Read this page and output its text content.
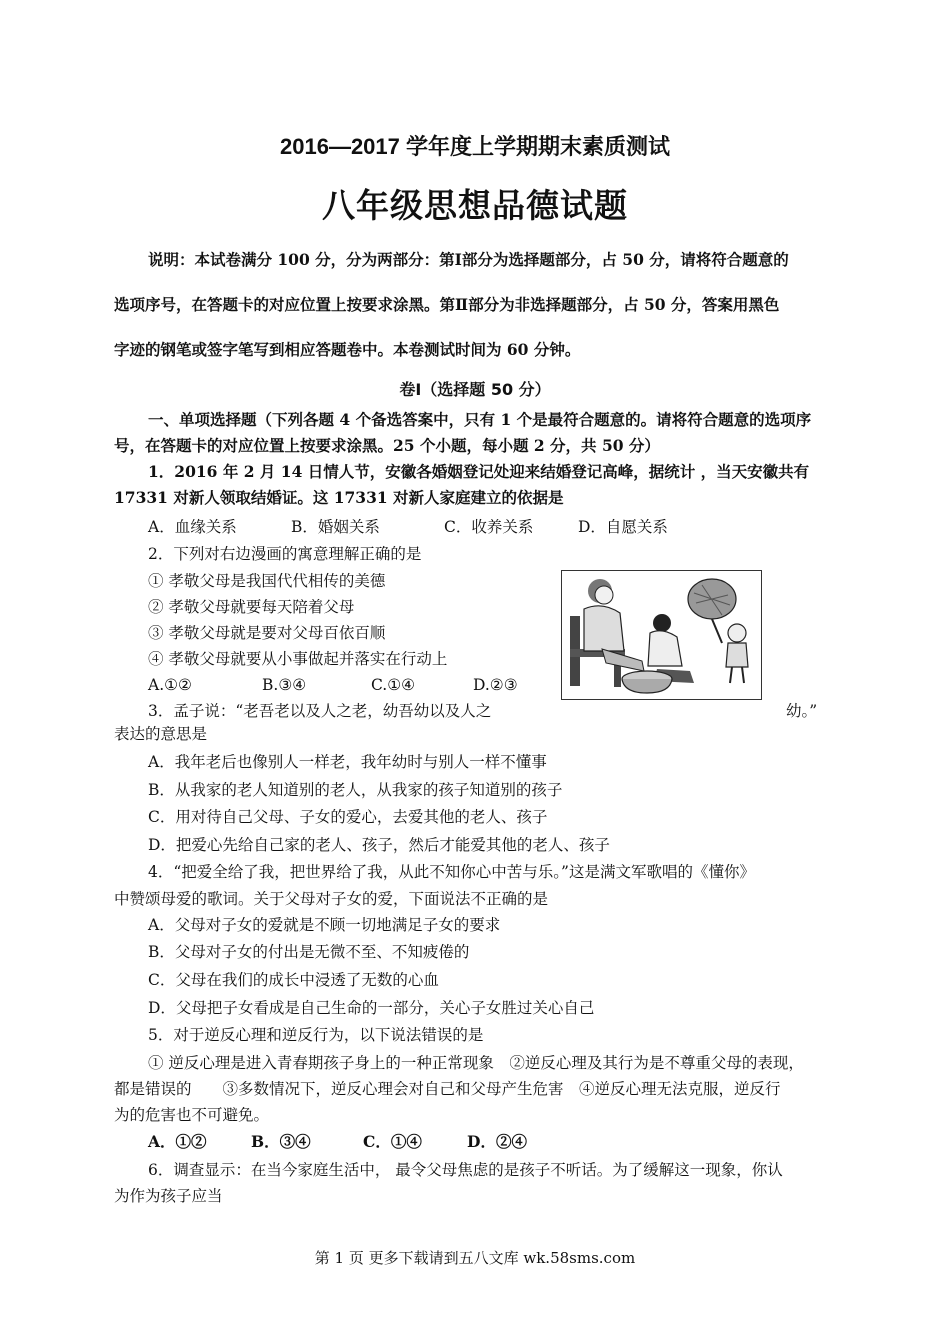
2016—2017 学年度上学期期末素质测试
八年级思想品德试题
说明：本试卷满分 100 分，分为两部分：第Ⅰ部分为选择题部分，占 50 分，请将符合题意的
选项序号，在答题卡的对应位置上按要求涂黑。第Ⅱ部分为非选择题部分，占 50 分，答案用黑色
字迹的钢笔或签字笔写到相应答题卷中。本卷测试时间为 60 分钟。
卷Ⅰ（选择题 50 分）
一、单项选择题（下列各题 4 个备选答案中，只有 1 个是最符合题意的。请将符合题意的选项序
号，在答题卡的对应位置上按要求涂黑。25 个小题，每小题 2 分，共 50 分）
1．2016 年 2 月 14 日情人节，安徽各婚姻登记处迎来结婚登记高峰，据统计 ，当天安徽共有
17331 对新人领取结婚证。这 17331 对新人家庭建立的依据是
A．血缘关系	B．婚姻关系	C．收养关系	D．自愿关系
2．下列对右边漫画的寓意理解正确的是
① 孝敬父母是我国代代相传的美德
② 孝敬父母就要每天陪着父母
③ 孝敬父母就是要对父母百依百顺
④ 孝敬父母就要从小事做起并落实在行动上
A.①②	B.③④	C.①④	D.②③
3．孟子说：“老吾老以及人之老，幼吾幼以及人之	幼。”
表达的意思是
A．我年老后也像别人一样老，我年幼时与别人一样不懂事
B．从我家的老人知道别的老人，从我家的孩子知道别的孩子
C．用对待自己父母、子女的爱心，去爱其他的老人、孩子
D．把爱心先给自己家的老人、孩子，然后才能爱其他的老人、孩子
4．“把爱全给了我，把世界给了我，从此不知你心中苦与乐。”这是满文军歌唱的《懂你》
中赞颂母爱的歌词。关于父母对子女的爱，下面说法不正确的是
A．父母对子女的爱就是不顾一切地满足子女的要求
B．父母对子女的付出是无微不至、不知疲倦的
C．父母在我们的成长中浸透了无数的心血
D．父母把子女看成是自己生命的一部分，关心子女胜过关心自己
5．对于逆反心理和逆反行为，以下说法错误的是
① 逆反心理是进入青春期孩子身上的一种正常现象　②逆反心理及其行为是不尊重父母的表现，
都是错误的　　③多数情况下，逆反心理会对自己和父母产生危害　④逆反心理无法克服，逆反行
为的危害也不可避免。
A．①②	B．③④	C．①④	D．②④
6．调查显示：在当今家庭生活中， 最令父母焦虑的是孩子不听话。为了缓解这一现象，你认
为作为孩子应当
第 1 页 更多下载请到五八文库 wk.58sms.com
